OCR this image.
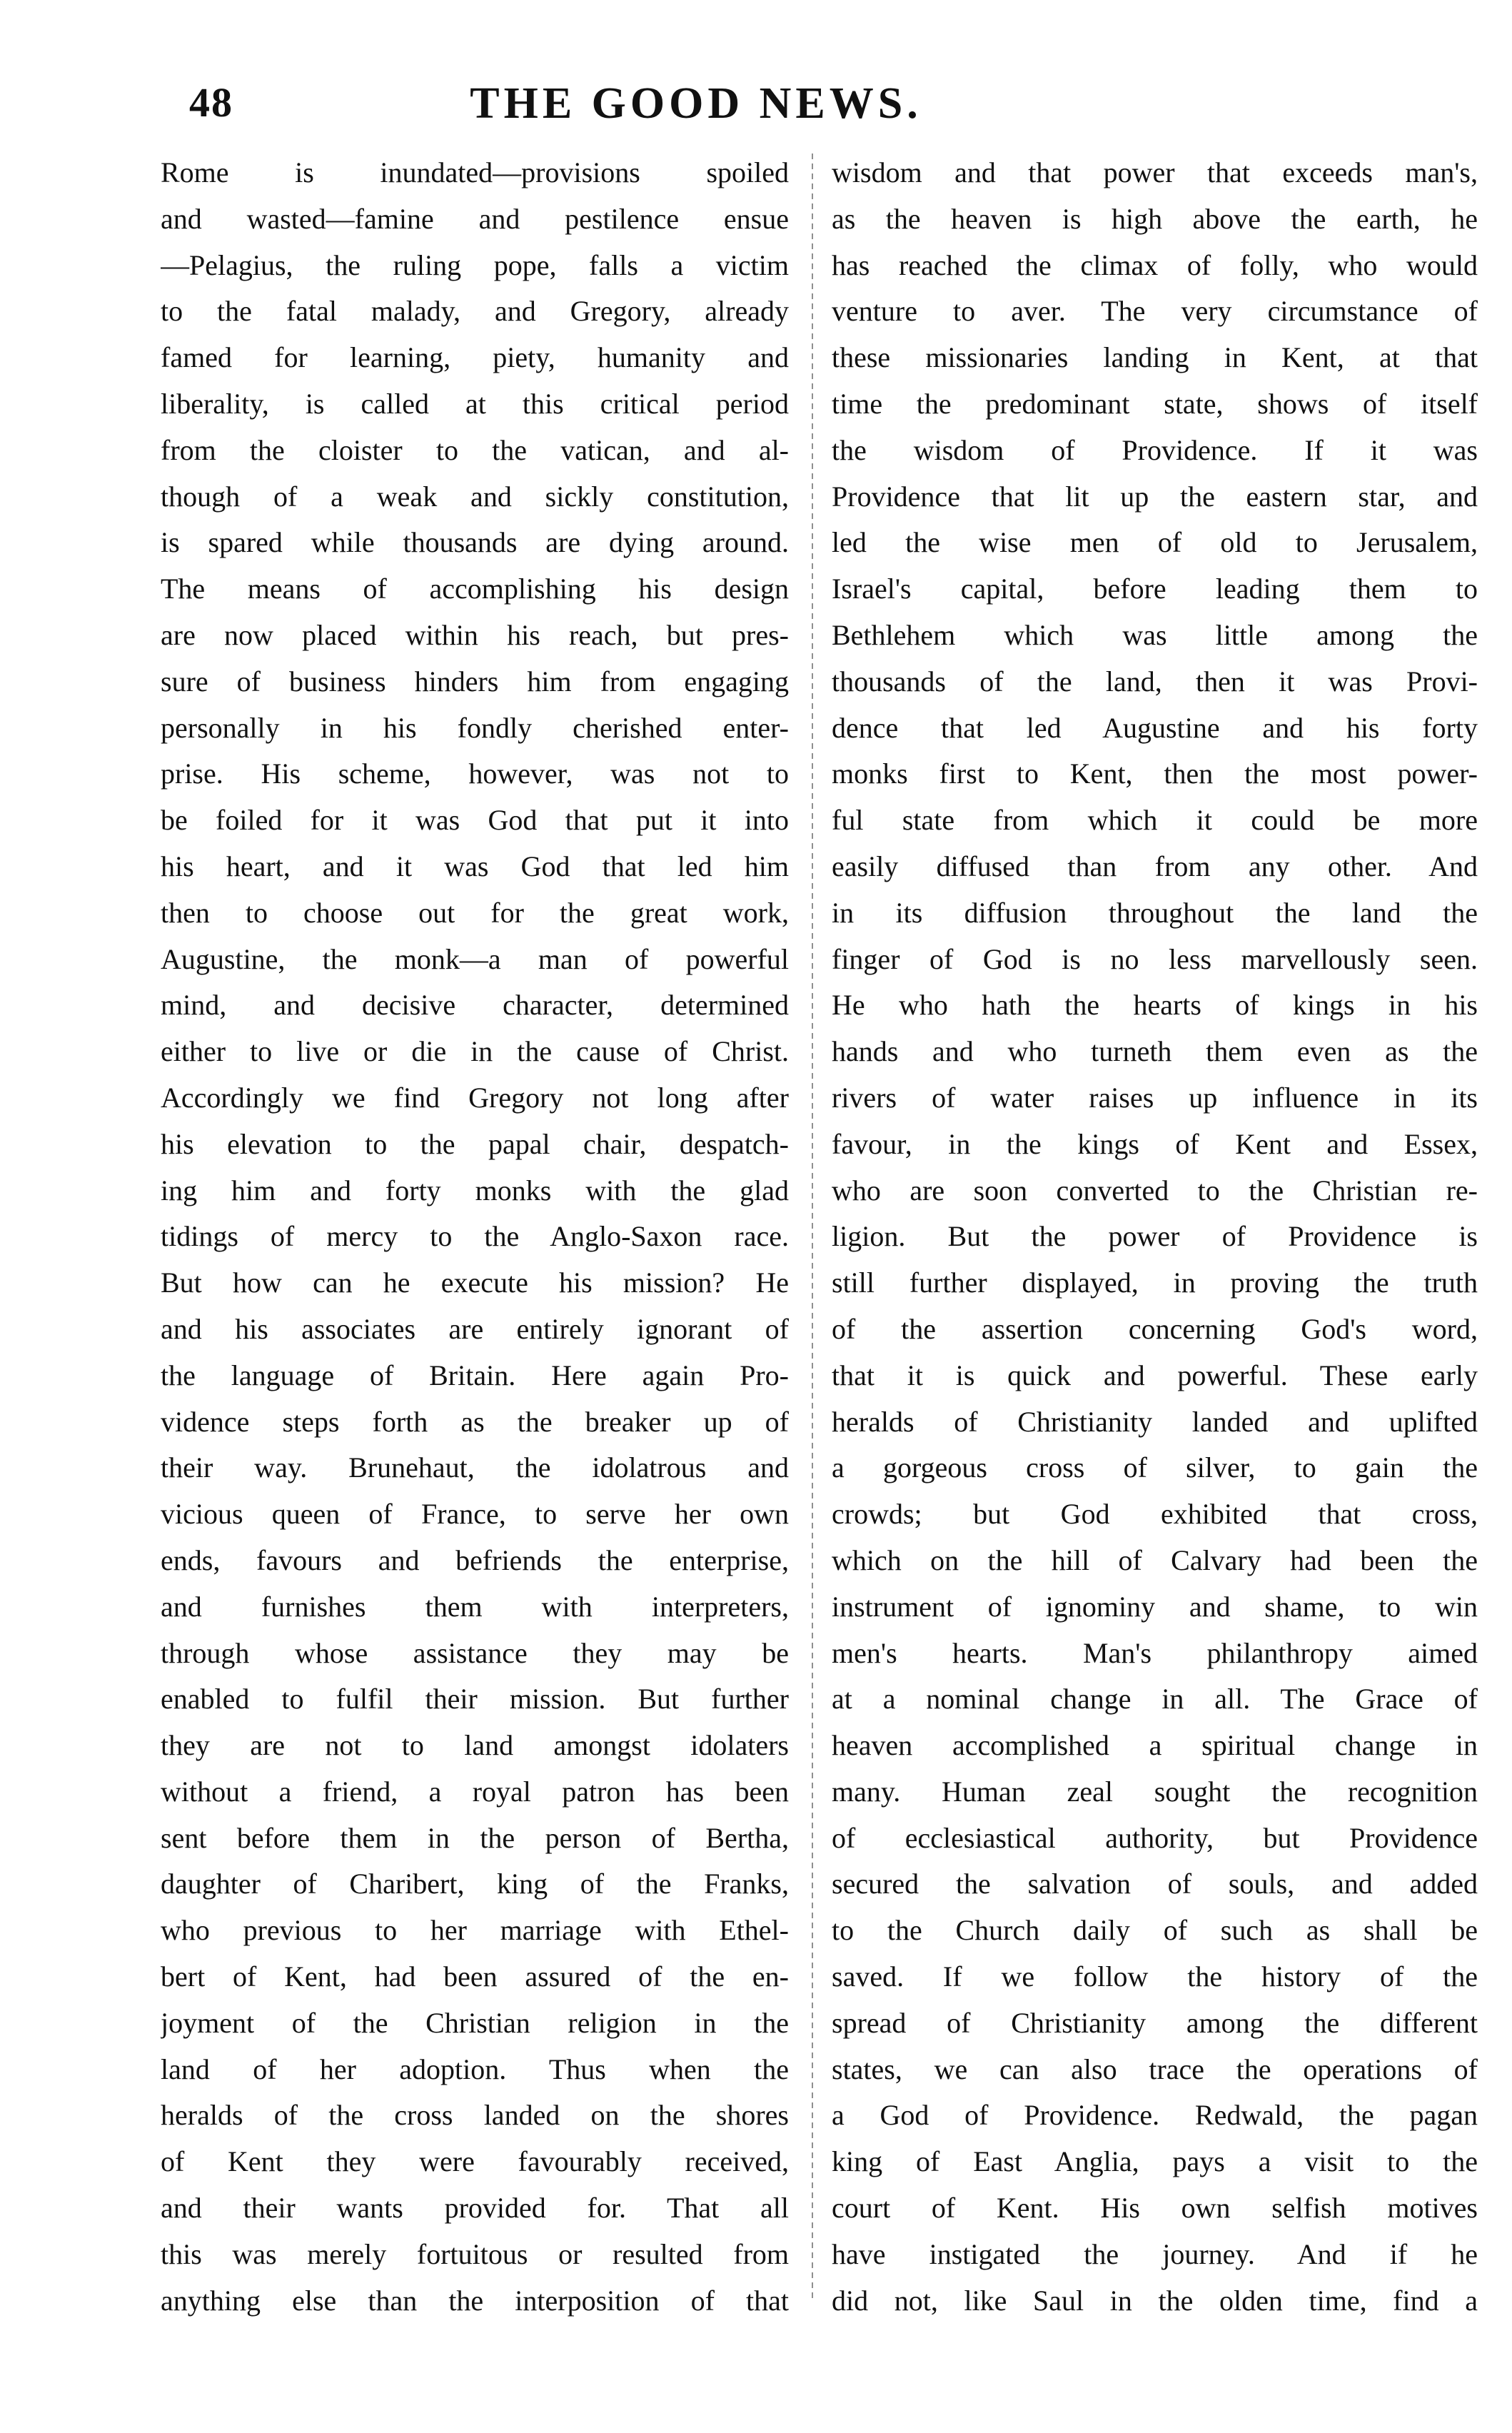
48	THE GOOD NEWS.
Rome is inundated—provisions spoiled
and wasted—famine and pestilence ensue
—Pelagius, the ruling pope, falls a victim
to the fatal malady, and Gregory, already
famed for learning, piety, humanity and
liberality, is called at this critical period
from the cloister to the vatican, and al-
though of a weak and sickly constitution,
is spared while thousands are dying around.
The means of accomplishing his design
are now placed within his reach, but pres-
sure of business hinders him from engaging
personally in his fondly cherished enter-
prise. His scheme, however, was not to
be foiled for it was God that put it into
his heart, and it was God that led him
then to choose out for the great work,
Augustine, the monk—a man of powerful
mind, and decisive character, determined
either to live or die in the cause of Christ.
Accordingly we find Gregory not long after
his elevation to the papal chair, despatch-
ing him and forty monks with the glad
tidings of mercy to the Anglo-Saxon race.
But how can he execute his mission? He
and his associates are entirely ignorant of
the language of Britain. Here again Pro-
vidence steps forth as the breaker up of
their way. Brunehaut, the idolatrous and
vicious queen of France, to serve her own
ends, favours and befriends the enterprise,
and furnishes them with interpreters,
through whose assistance they may be
enabled to fulfil their mission. But further
they are not to land amongst idolaters
without a friend, a royal patron has been
sent before them in the person of Bertha,
daughter of Charibert, king of the Franks,
who previous to her marriage with Ethel-
bert of Kent, had been assured of the en-
joyment of the Christian religion in the
land of her adoption. Thus when the
heralds of the cross landed on the shores
of Kent they were favourably received,
and their wants provided for. That all
this was merely fortuitous or resulted from
anything else than the interposition of that
wisdom and that power that exceeds man's,
as the heaven is high above the earth, he
has reached the climax of folly, who would
venture to aver. The very circumstance of
these missionaries landing in Kent, at that
time the predominant state, shows of itself
the wisdom of Providence. If it was
Providence that lit up the eastern star, and
led the wise men of old to Jerusalem,
Israel's capital, before leading them to
Bethlehem which was little among the
thousands of the land, then it was Provi-
dence that led Augustine and his forty
monks first to Kent, then the most power-
ful state from which it could be more
easily diffused than from any other. And
in its diffusion throughout the land the
finger of God is no less marvellously seen.
He who hath the hearts of kings in his
hands and who turneth them even as the
rivers of water raises up influence in its
favour, in the kings of Kent and Essex,
who are soon converted to the Christian re-
ligion. But the power of Providence is
still further displayed, in proving the truth
of the assertion concerning God's word,
that it is quick and powerful. These early
heralds of Christianity landed and uplifted
a gorgeous cross of silver, to gain the
crowds; but God exhibited that cross,
which on the hill of Calvary had been the
instrument of ignominy and shame, to win
men's hearts. Man's philanthropy aimed
at a nominal change in all. The Grace of
heaven accomplished a spiritual change in
many. Human zeal sought the recognition
of ecclesiastical authority, but Providence
secured the salvation of souls, and added
to the Church daily of such as shall be
saved. If we follow the history of the
spread of Christianity among the different
states, we can also trace the operations of
a God of Providence. Redwald, the pagan
king of East Anglia, pays a visit to the
court of Kent. His own selfish motives
have instigated the journey. And if he
did not, like Saul in the olden time, find a
